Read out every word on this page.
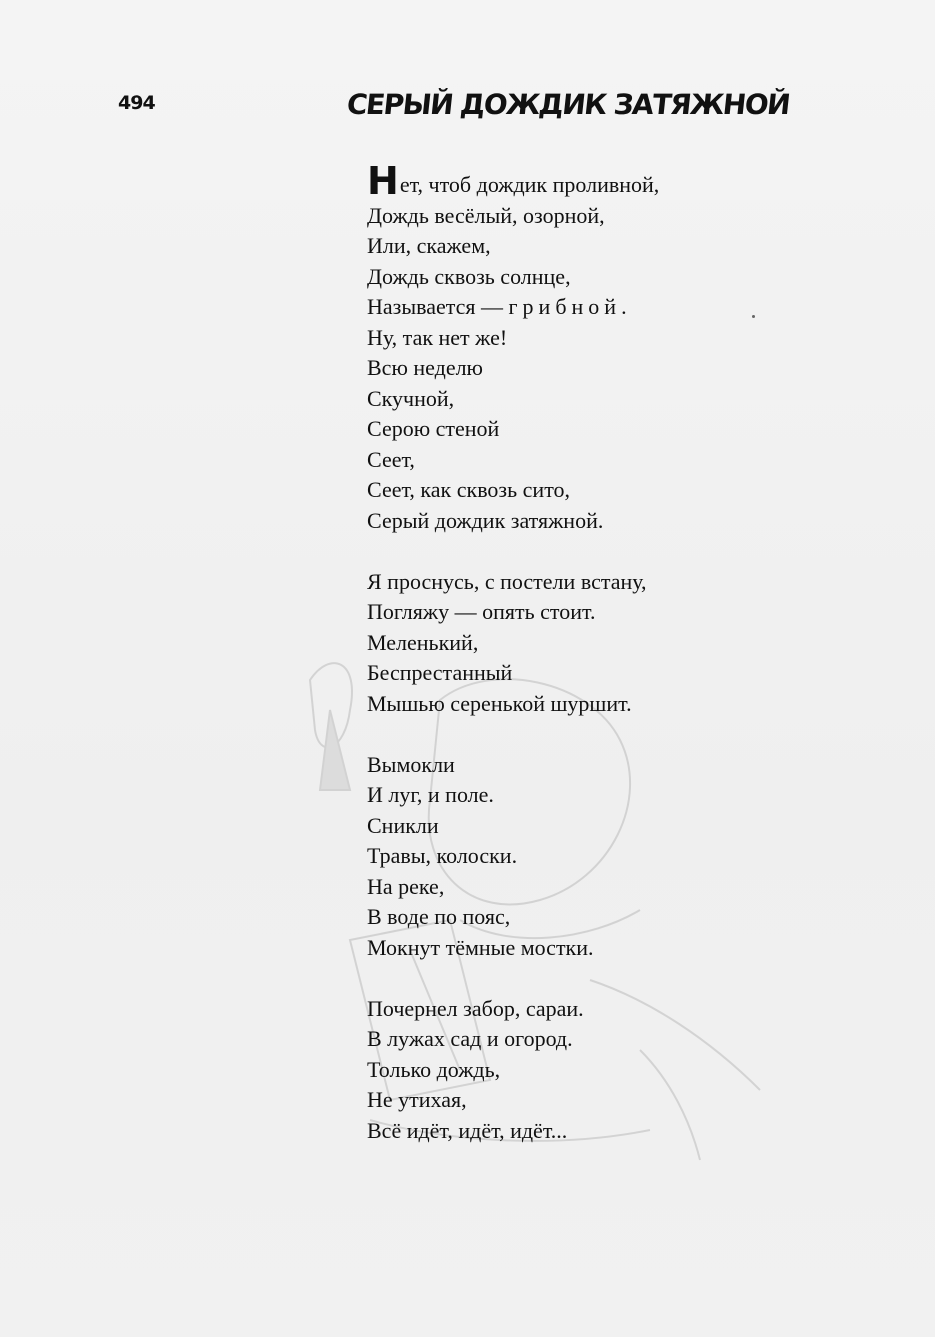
494	СЕРЫЙ ДОЖДИК ЗАТЯЖНОЙ
Нет, чтоб дождик проливной,
Дождь весёлый, озорной,
Или, скажем,
Дождь сквозь солнце,
Называется — грибной.
Ну, так нет же!
Всю неделю
Скучной,
Серою стеной
Сеет,
Сеет, как сквозь сито,
Серый дождик затяжной.
Я проснусь, с постели встану,
Погляжу — опять стоит.
Меленький,
Беспрестанный
Мышью серенькой шуршит.
Вымокли
И луг, и поле.
Сникли
Травы, колоски.
На реке,
В воде по пояс,
Мокнут тёмные мостки.
Почернел забор, сараи.
В лужах сад и огород.
Только дождь,
Не утихая,
Всё идёт, идёт, идёт...
